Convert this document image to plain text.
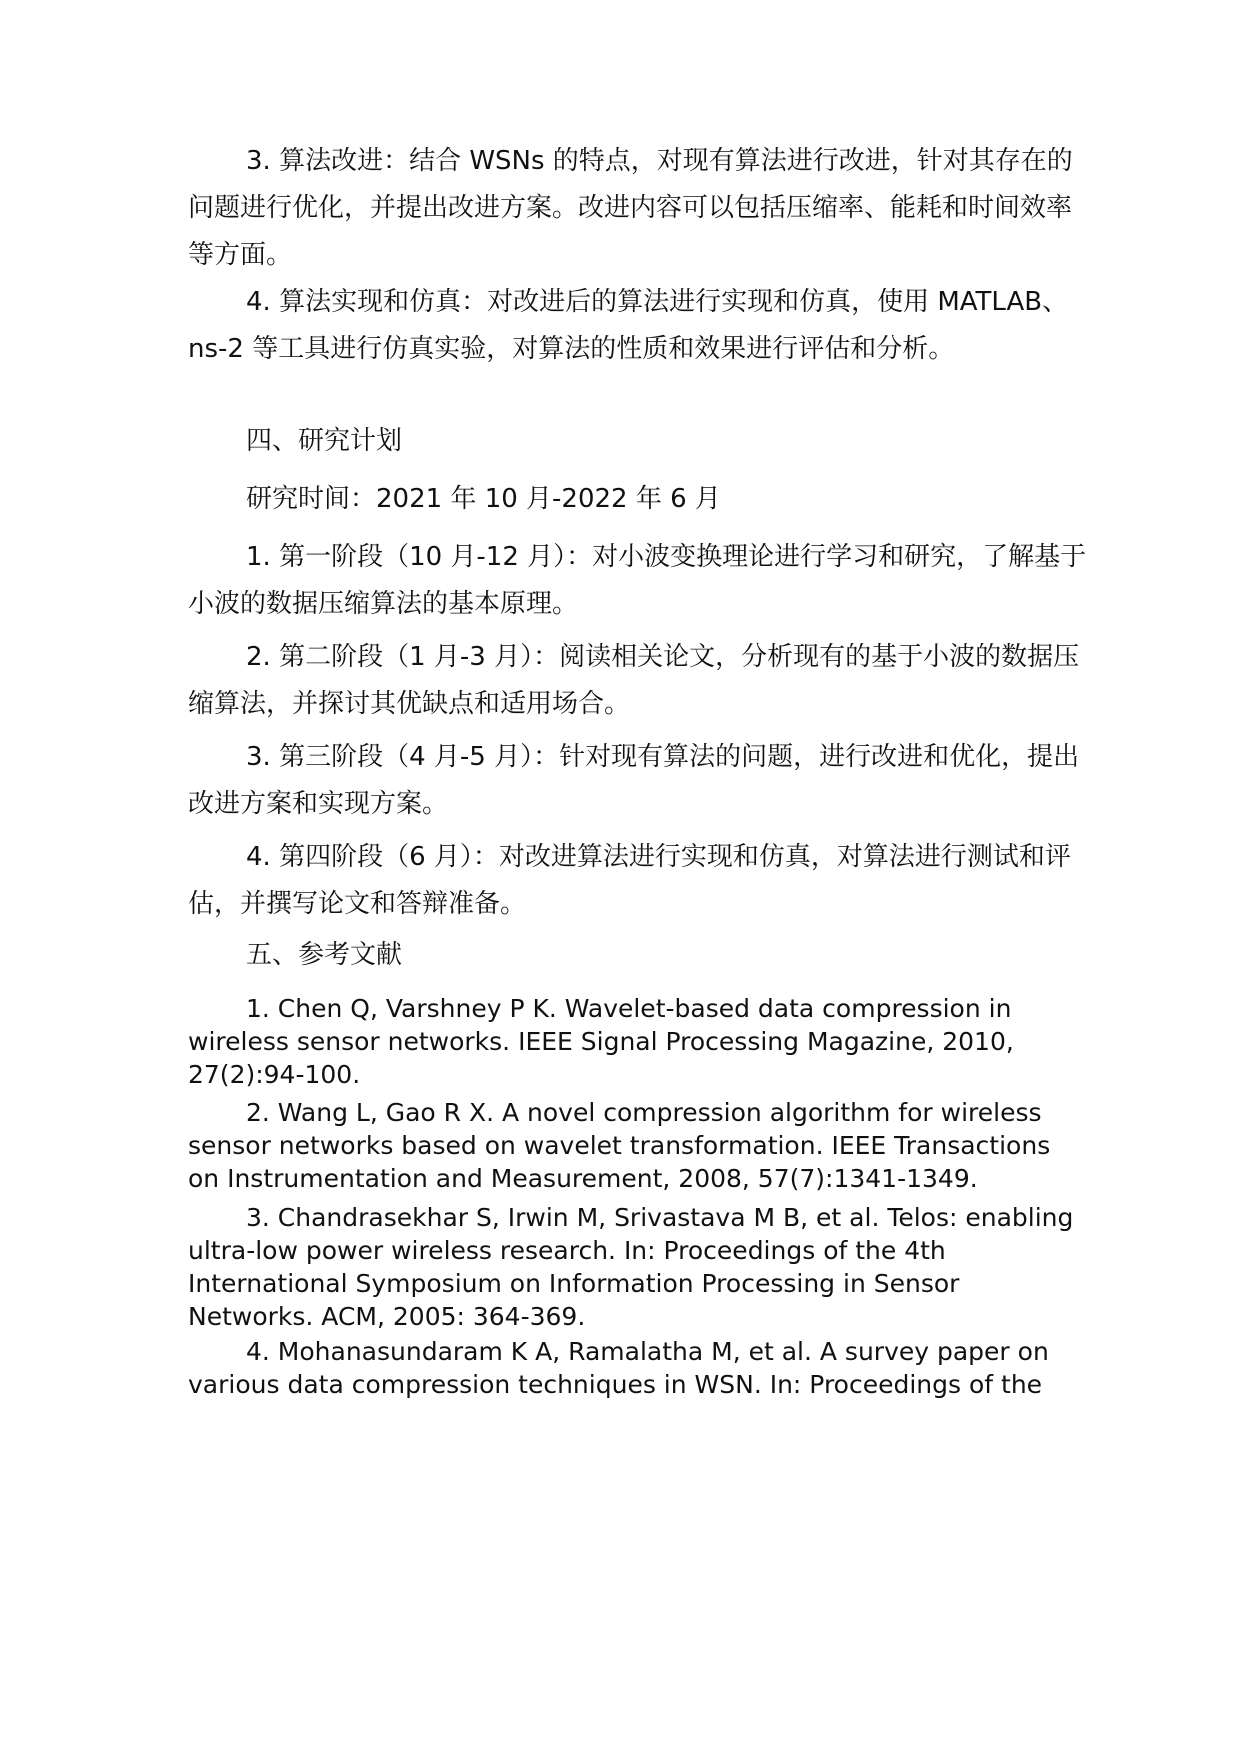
3. 算法改进：结合 WSNs 的特点，对现有算法进行改进，针对其存在的问题进行优化，并提出改进方案。改进内容可以包括压缩率、能耗和时间效率等方面。

4. 算法实现和仿真：对改进后的算法进行实现和仿真，使用 MATLAB、ns-2 等工具进行仿真实验，对算法的性质和效果进行评估和分析。

四、研究计划

研究时间：2021 年 10 月-2022 年 6 月

1. 第一阶段（10 月-12 月）：对小波变换理论进行学习和研究，了解基于小波的数据压缩算法的基本原理。

2. 第二阶段（1 月-3 月）：阅读相关论文，分析现有的基于小波的数据压缩算法，并探讨其优缺点和适用场合。

3. 第三阶段（4 月-5 月）：针对现有算法的问题，进行改进和优化，提出改进方案和实现方案。

4. 第四阶段（6 月）：对改进算法进行实现和仿真，对算法进行测试和评估，并撰写论文和答辩准备。

五、参考文献

1. Chen Q, Varshney P K. Wavelet-based data compression in wireless sensor networks. IEEE Signal Processing Magazine, 2010, 27(2):94-100.

2. Wang L, Gao R X. A novel compression algorithm for wireless sensor networks based on wavelet transformation. IEEE Transactions on Instrumentation and Measurement, 2008, 57(7):1341-1349.

3. Chandrasekhar S, Irwin M, Srivastava M B, et al. Telos: enabling ultra-low power wireless research. In: Proceedings of the 4th International Symposium on Information Processing in Sensor Networks. ACM, 2005: 364-369.

4. Mohanasundaram K A, Ramalatha M, et al. A survey paper on various data compression techniques in WSN. In: Proceedings of the
